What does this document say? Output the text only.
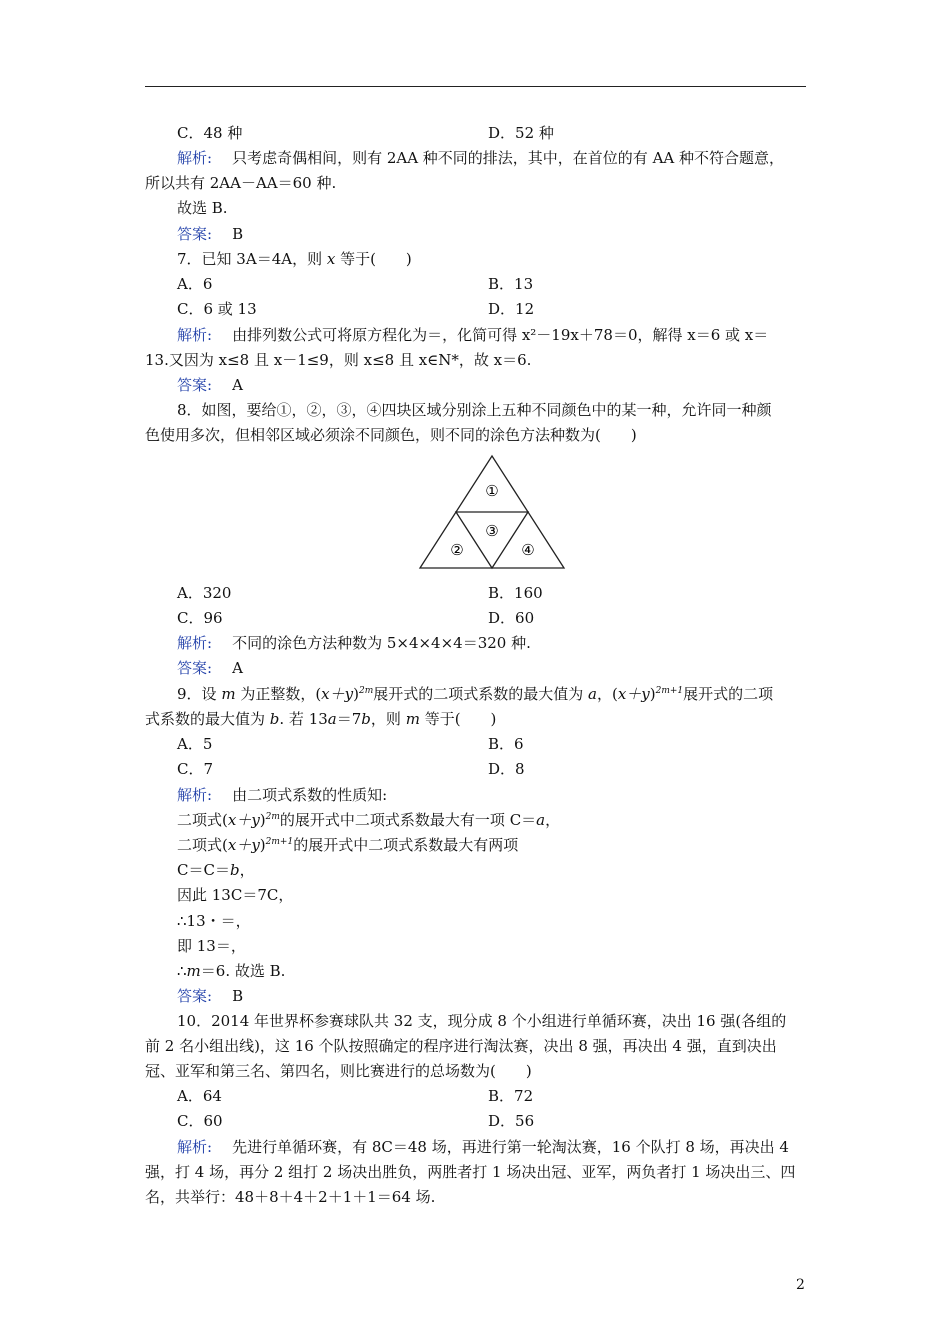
C．48 种	D．52 种
解析: 只考虑奇偶相间，则有 2AA 种不同的排法，其中，在首位的有 AA 种不符合题意，
所以共有 2AA－AA＝60 种.
故选 B.
答案: B
7．已知 3A＝4A，则 x 等于(　　)
A．6	B．13
C．6 或 13	D．12
解析: 由排列数公式可将原方程化为＝，化简可得 x²－19x＋78＝0，解得 x＝6 或 x＝
13.又因为 x≤8 且 x－1≤9，则 x≤8 且 x∈N*，故 x＝6.
答案: A
8．如图，要给①，②，③，④四块区域分别涂上五种不同颜色中的某一种，允许同一种颜
色使用多次，但相邻区域必须涂不同颜色，则不同的涂色方法种数为(　　)
①
②
③
④
A．320	B．160
C．96	D．60
解析: 不同的涂色方法种数为 5×4×4×4＝320 种.
答案: A
9．设 m 为正整数，$(x+y)^{2m}$展开式的二项式系数的最大值为 a，$(x+y)^{2m+1}$展开式的二项
式系数的最大值为 b. 若 13a＝7b，则 m 等于(　　)
A．5	B．6
C．7	D．8
解析: 由二项式系数的性质知:
二项式$(x+y)^{2m}$的展开式中二项式系数最大有一项 C＝a，
二项式$(x+y)^{2m+1}$的展开式中二项式系数最大有两项
C＝C＝b，
因此 13C＝7C，
∴13・＝，
即 13＝，
∴m＝6. 故选 B.
答案: B
10．2014 年世界杯参赛球队共 32 支，现分成 8 个小组进行单循环赛，决出 16 强(各组的
前 2 名小组出线)，这 16 个队按照确定的程序进行淘汰赛，决出 8 强，再决出 4 强，直到决出
冠、亚军和第三名、第四名，则比赛进行的总场数为(　　)
A．64	B．72
C．60	D．56
解析: 先进行单循环赛，有 8C＝48 场，再进行第一轮淘汰赛，16 个队打 8 场，再决出 4
强，打 4 场，再分 2 组打 2 场决出胜负，两胜者打 1 场决出冠、亚军，两负者打 1 场决出三、四
名，共举行：48＋8＋4＋2＋1＋1＝64 场.
2
